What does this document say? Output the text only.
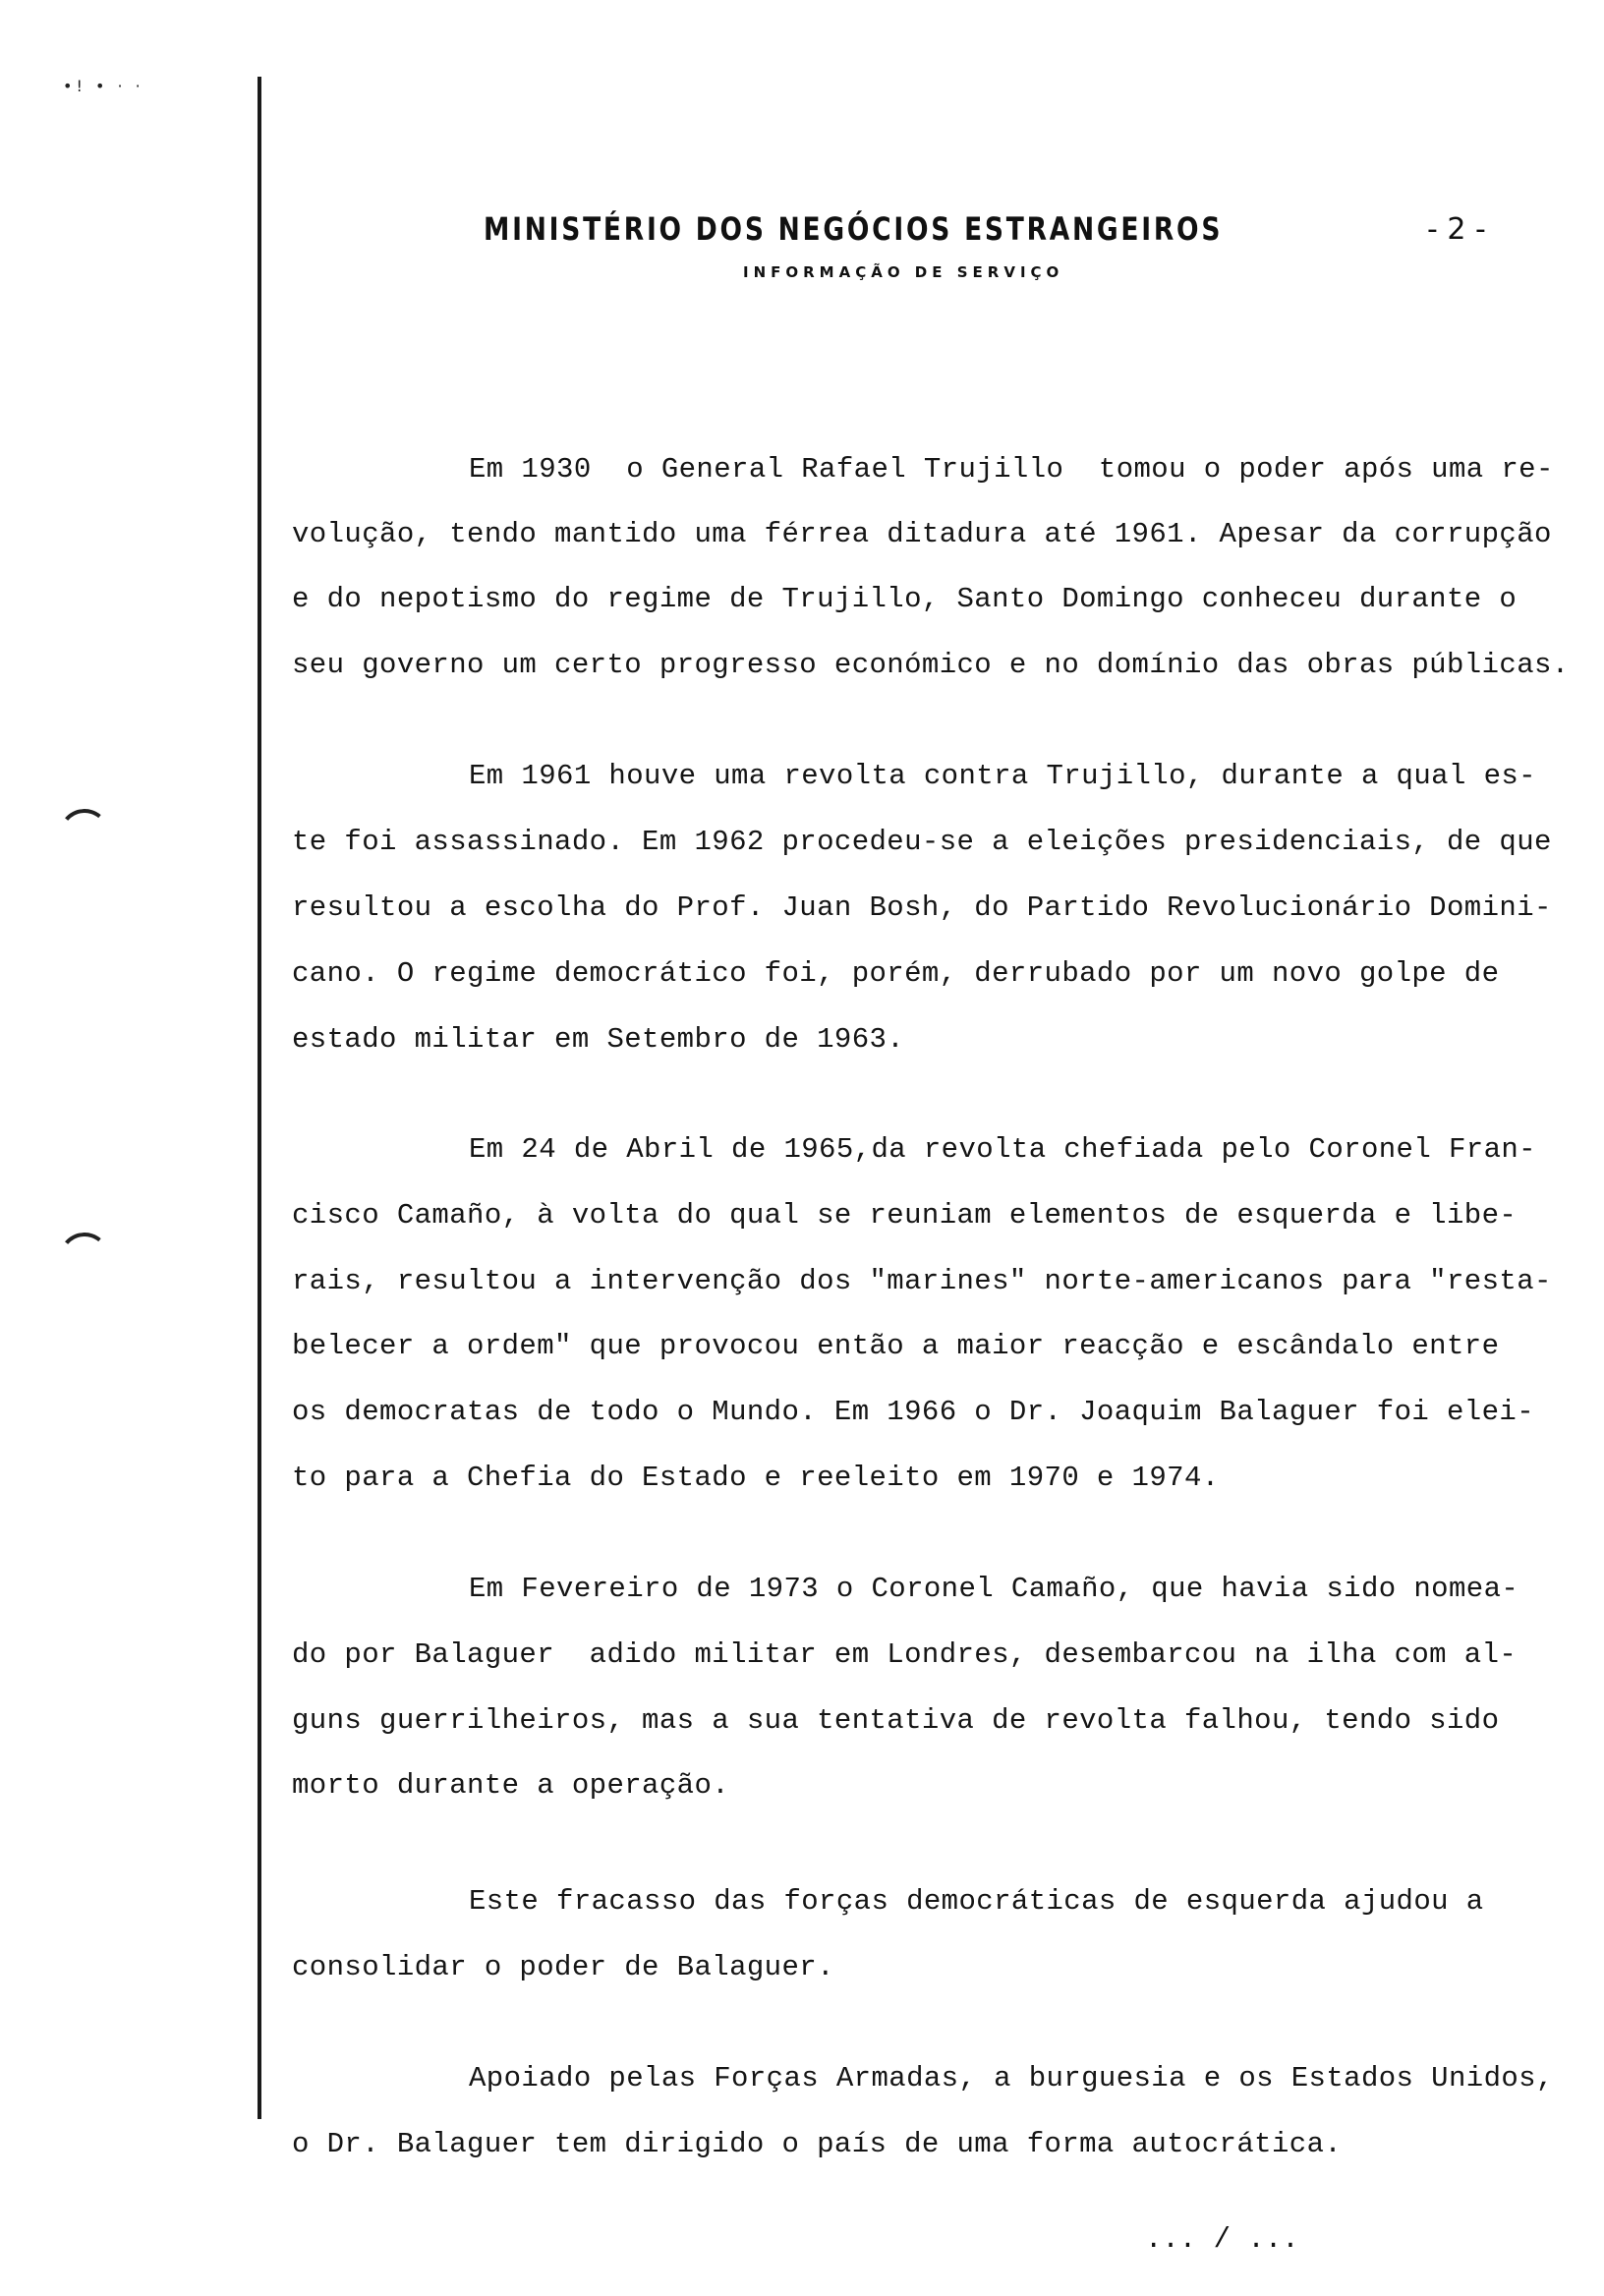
•! • · ·
MINISTÉRIO DOS NEGÓCIOS ESTRANGEIROS	- 2 -
INFORMAÇÃO DE SERVIÇO
Em 1930  o General Rafael Trujillo  tomou o poder após uma re-
volução, tendo mantido uma férrea ditadura até 1961. Apesar da corrupção
e do nepotismo do regime de Trujillo, Santo Domingo conheceu durante o
seu governo um certo progresso económico e no domínio das obras públicas.
Em 1961 houve uma revolta contra Trujillo, durante a qual es-
te foi assassinado. Em 1962 procedeu-se a eleições presidenciais, de que
resultou a escolha do Prof. Juan Bosh, do Partido Revolucionário Domini-
cano. O regime democrático foi, porém, derrubado por um novo golpe de
estado militar em Setembro de 1963.
Em 24 de Abril de 1965,da revolta chefiada pelo Coronel Fran-
cisco Camaño, à volta do qual se reuniam elementos de esquerda e libe-
rais, resultou a intervenção dos "marines" norte-americanos para "resta-
belecer a ordem" que provocou então a maior reacção e escândalo entre
os democratas de todo o Mundo. Em 1966 o Dr. Joaquim Balaguer foi elei-
to para a Chefia do Estado e reeleito em 1970 e 1974.
Em Fevereiro de 1973 o Coronel Camaño, que havia sido nomea-
do por Balaguer  adido militar em Londres, desembarcou na ilha com al-
guns guerrilheiros, mas a sua tentativa de revolta falhou, tendo sido
morto durante a operação.
Este fracasso das forças democráticas de esquerda ajudou a
consolidar o poder de Balaguer.
Apoiado pelas Forças Armadas, a burguesia e os Estados Unidos,
o Dr. Balaguer tem dirigido o país de uma forma autocrática.
... / ...
